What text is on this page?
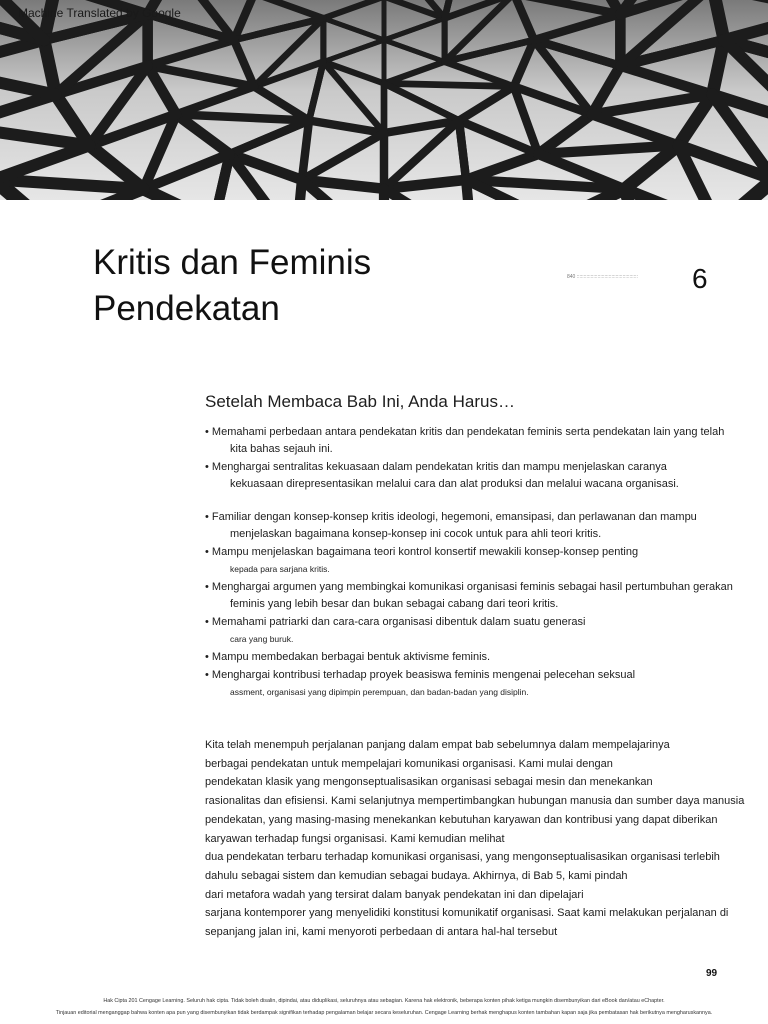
Machine Translated by Google
Kritis dan Feminis
Pendekatan
840 ::::::::::::::::::::::::::::::::::::::::::::	6
Setelah Membaca Bab Ini, Anda Harus…
• Memahami perbedaan antara pendekatan kritis dan pendekatan feminis serta pendekatan lain yang telah
kita bahas sejauh ini.
• Menghargai sentralitas kekuasaan dalam pendekatan kritis dan mampu menjelaskan caranya
kekuasaan direpresentasikan melalui cara dan alat produksi dan melalui wacana organisasi.
• Familiar dengan konsep-konsep kritis ideologi, hegemoni, emansipasi, dan perlawanan dan mampu
menjelaskan bagaimana konsep-konsep ini cocok untuk para ahli teori kritis.
• Mampu menjelaskan bagaimana teori kontrol konsertif mewakili konsep-konsep penting
kepada para sarjana kritis.
• Menghargai argumen yang membingkai komunikasi organisasi feminis sebagai hasil pertumbuhan gerakan
feminis yang lebih besar dan bukan sebagai cabang dari teori kritis.
• Memahami patriarki dan cara-cara organisasi dibentuk dalam suatu generasi
cara yang buruk.
• Mampu membedakan berbagai bentuk aktivisme feminis.
• Menghargai kontribusi terhadap proyek beasiswa feminis mengenai pelecehan seksual
assment, organisasi yang dipimpin perempuan, dan badan-badan yang disiplin.
Kita telah menempuh perjalanan panjang dalam empat bab sebelumnya dalam mempelajarinya
berbagai pendekatan untuk mempelajari komunikasi organisasi. Kami mulai dengan
pendekatan klasik yang mengonseptualisasikan organisasi sebagai mesin dan menekankan
rasionalitas dan efisiensi. Kami selanjutnya mempertimbangkan hubungan manusia dan sumber daya manusia
pendekatan, yang masing-masing menekankan kebutuhan karyawan dan kontribusi yang dapat diberikan
karyawan terhadap fungsi organisasi. Kami kemudian melihat
dua pendekatan terbaru terhadap komunikasi organisasi, yang mengonseptualisasikan organisasi terlebih
dahulu sebagai sistem dan kemudian sebagai budaya. Akhirnya, di Bab 5, kami pindah
dari metafora wadah yang tersirat dalam banyak pendekatan ini dan dipelajari
sarjana kontemporer yang menyelidiki konstitusi komunikatif organisasi. Saat kami melakukan perjalanan di
sepanjang jalan ini, kami menyoroti perbedaan di antara hal-hal tersebut
99
Hak Cipta 201 Cengage Learning. Seluruh hak cipta. Tidak boleh disalin, dipindai, atau diduplikasi, seluruhnya atau sebagian. Karena hak elektronik, beberapa konten pihak ketiga mungkin disembunyikan dari eBook dan/atau eChapter.
Tinjauan editorial menganggap bahwa konten apa pun yang disembunyikan tidak berdampak signifikan terhadap pengalaman belajar secara keseluruhan. Cengage Learning berhak menghapus konten tambahan kapan saja jika pembatasan hak berikutnya mengharuskannya.
